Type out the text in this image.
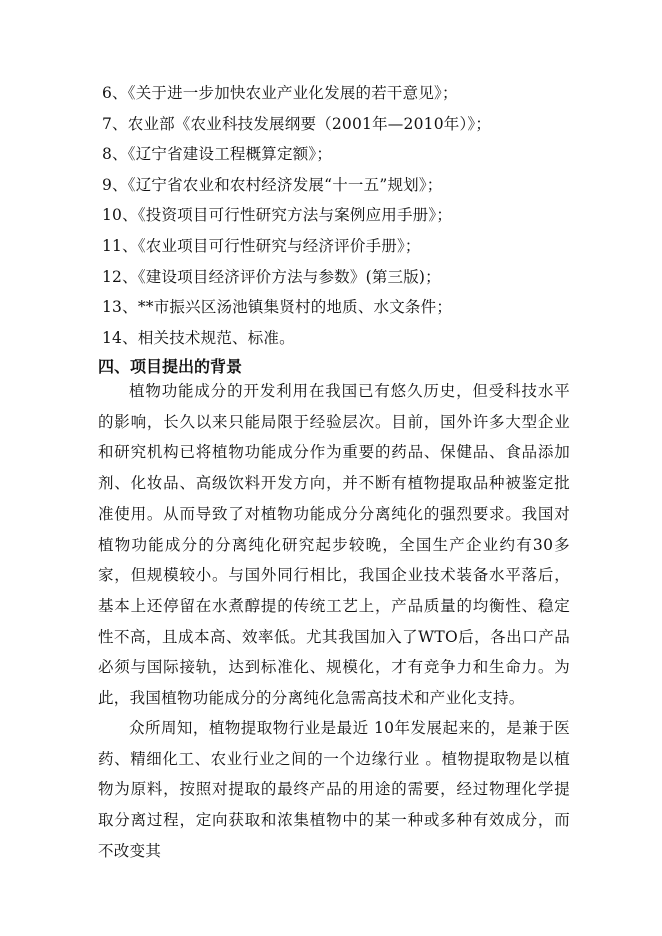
6、《关于进一步加快农业产业化发展的若干意见》；
7、农业部《农业科技发展纲要（2001年—2010年）》；
8、《辽宁省建设工程概算定额》；
9、《辽宁省农业和农村经济发展“十一五”规划》；
10、《投资项目可行性研究方法与案例应用手册》；
11、《农业项目可行性研究与经济评价手册》；
12、《建设项目经济评价方法与参数》(第三版)；
13、**市振兴区汤池镇集贤村的地质、水文条件；
14、相关技术规范、标准。
四、项目提出的背景

植物功能成分的开发利用在我国已有悠久历史，但受科技水平的影响，长久以来只能局限于经验层次。目前，国外许多大型企业和研究机构已将植物功能成分作为重要的药品、保健品、食品添加剂、化妆品、高级饮料开发方向，并不断有植物提取品种被鉴定批准使用。从而导致了对植物功能成分分离纯化的强烈要求。我国对植物功能成分的分离纯化研究起步较晚，全国生产企业约有30多家，但规模较小。与国外同行相比，我国企业技术装备水平落后，基本上还停留在水煮醇提的传统工艺上，产品质量的均衡性、稳定性不高，且成本高、效率低。尤其我国加入了WTO后，各出口产品必须与国际接轨，达到标准化、规模化，才有竞争力和生命力。为此，我国植物功能成分的分离纯化急需高技术和产业化支持。

众所周知，植物提取物行业是最近 10年发展起来的，是兼于医药、精细化工、农业行业之间的一个边缘行业 。植物提取物是以植物为原料，按照对提取的最终产品的用途的需要，经过物理化学提取分离过程，定向获取和浓集植物中的某一种或多种有效成分，而不改变其
